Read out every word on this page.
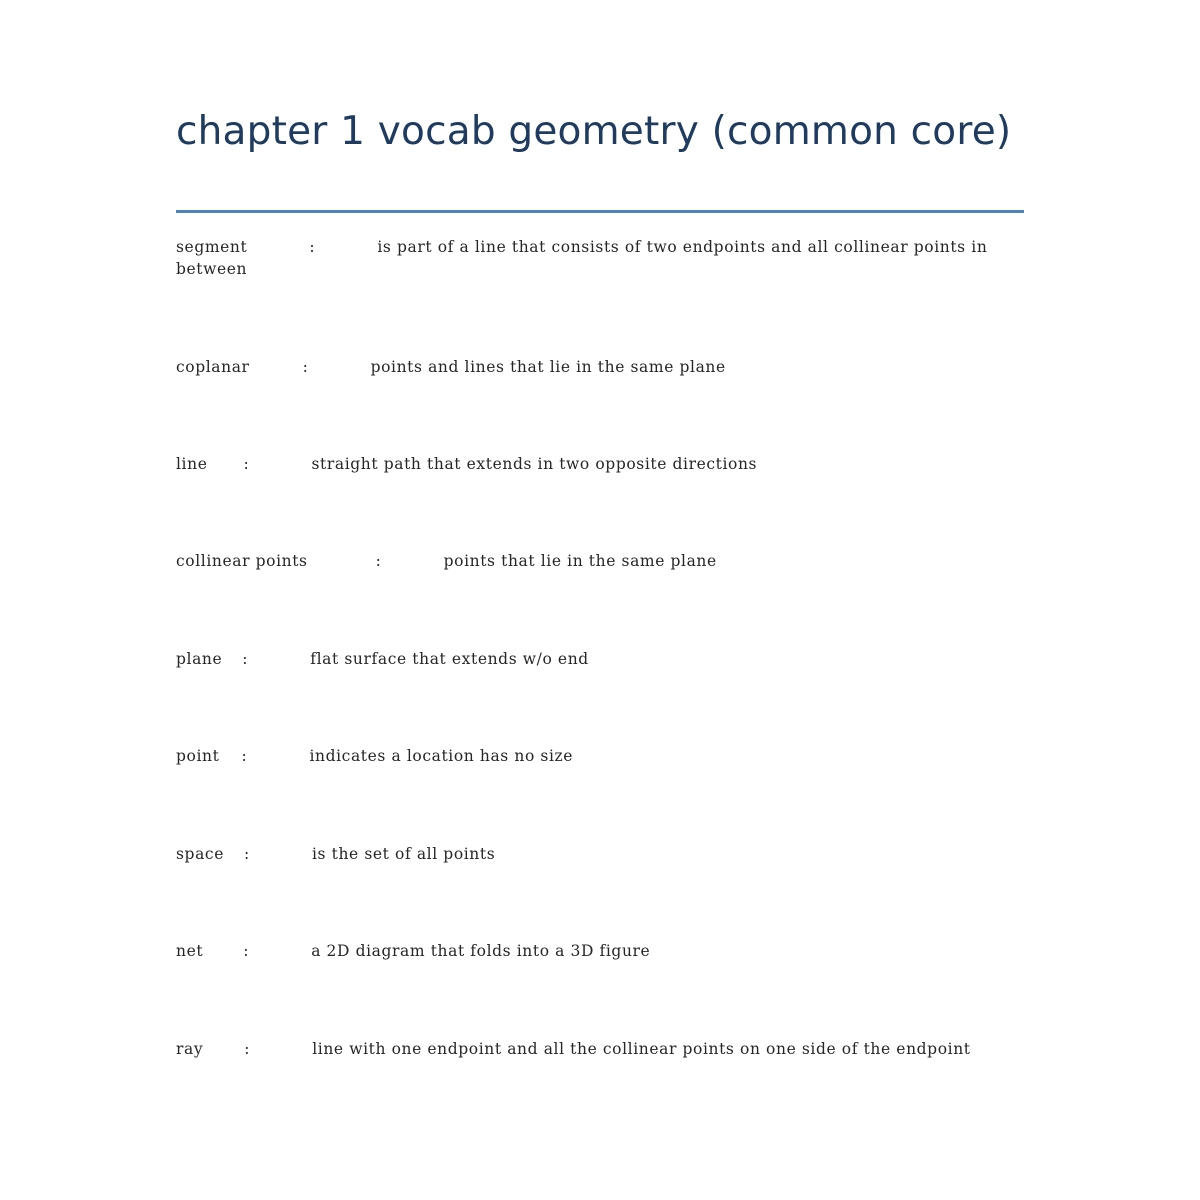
chapter 1 vocab geometry (common core)

segment	:	is part of a line that consists of two endpoints and all collinear points in between

coplanar	:	points and lines that lie in the same plane

line :	straight path that extends in two opposite directions

collinear points	:	points that lie in the same plane

plane :	flat surface that extends w/o end

point :	indicates a location has no size

space :	is the set of all points

net	:	a 2D diagram that folds into a 3D figure

ray	:	line with one endpoint and all the collinear points on one side of the endpoint
